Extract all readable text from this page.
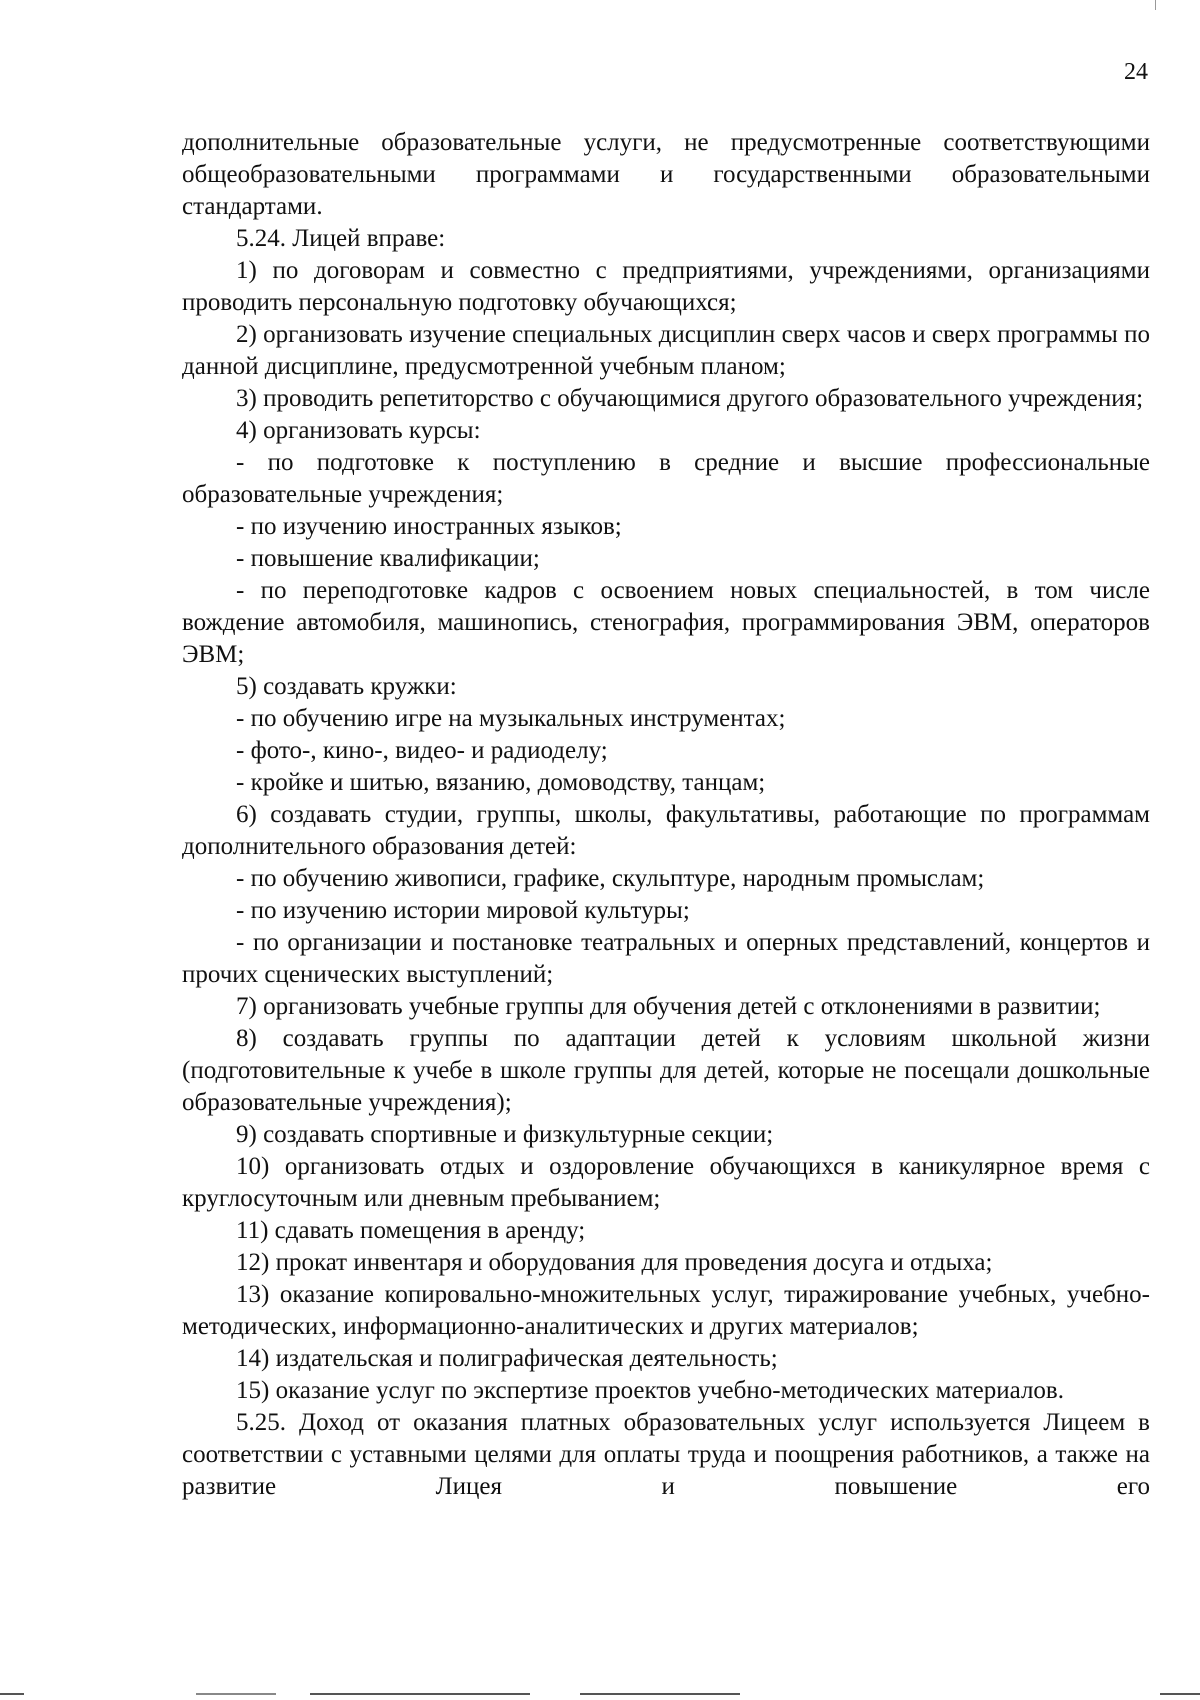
24

дополнительные образовательные услуги, не предусмотренные соответствующими общеобразовательными программами и государственными образовательными стандартами.

5.24. Лицей вправе:

1) по договорам и совместно с предприятиями, учреждениями, организациями проводить персональную подготовку обучающихся;

2) организовать изучение специальных дисциплин сверх часов и сверх программы по данной дисциплине, предусмотренной учебным планом;

3) проводить репетиторство с обучающимися другого образовательного учреждения;

4) организовать курсы:

- по подготовке к поступлению в средние и высшие профессиональные образовательные учреждения;

- по изучению иностранных языков;

- повышение квалификации;

- по переподготовке кадров с освоением новых специальностей, в том числе вождение автомобиля, машинопись, стенография, программирования ЭВМ, операторов ЭВМ;

5) создавать кружки:

- по обучению игре на музыкальных инструментах;

- фото-, кино-, видео- и радиоделу;

- кройке и шитью, вязанию, домоводству, танцам;

6) создавать студии, группы, школы, факультативы, работающие по программам дополнительного образования детей:

- по обучению живописи, графике, скульптуре, народным промыслам;

- по изучению истории мировой культуры;

- по организации и постановке театральных и оперных представлений, концертов и прочих сценических выступлений;

7) организовать учебные группы для обучения детей с отклонениями в развитии;

8) создавать группы по адаптации детей к условиям школьной жизни (подготовительные к учебе в школе группы для детей, которые не посещали дошкольные образовательные учреждения);

9) создавать спортивные и физкультурные секции;

10) организовать отдых и оздоровление обучающихся в каникулярное время с круглосуточным или дневным пребыванием;

11) сдавать помещения в аренду;

12) прокат инвентаря и оборудования для проведения досуга и отдыха;

13) оказание копировально-множительных услуг, тиражирование учебных, учебно-методических, информационно-аналитических и других материалов;

14) издательская и полиграфическая деятельность;

15) оказание услуг по экспертизе проектов учебно-методических материалов.

5.25. Доход от оказания платных образовательных услуг используется Лицеем в соответствии с уставными целями для оплаты труда и поощрения работников, а также на развитие Лицея и повышение его
